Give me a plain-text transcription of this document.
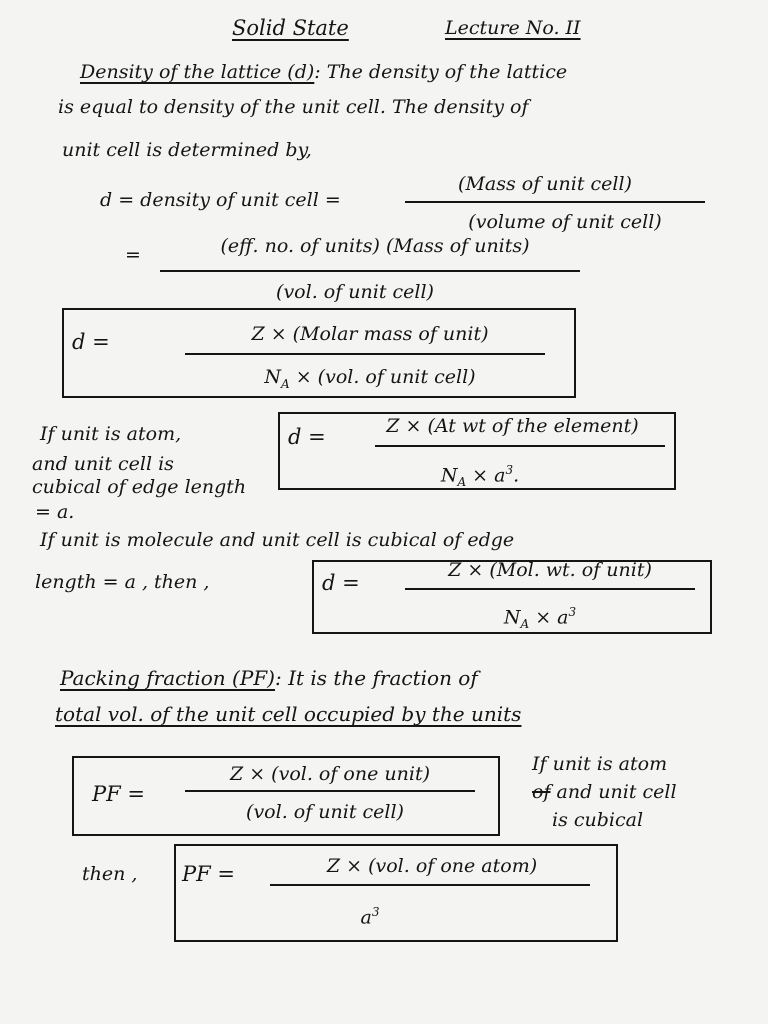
Solid State	Lecture No. II
Density of the lattice (d): The density of the lattice
is equal to density of the unit cell. The density of
unit cell is determined by,
d = density of unit cell =
(Mass of unit cell)
(volume of unit cell)
=	(eff. no. of units) (Mass of units)
(vol. of unit cell)
d =	Z × (Molar mass of unit)
$N_A \times (vol$. of unit cell)
If unit is atom,
and unit cell is
cubical of edge length
= a.
d =	Z × (At wt of the element)
$N_A \times a^3$.
If unit is molecule and unit cell is cubical of edge
length = a , then ,	d =
Z × (Mol. wt. of unit)
$N_A \times a^3$
Packing fraction (PF): It is the fraction of
total vol. of the unit cell occupied by the units
PF =
Z × (vol. of one unit)
(vol. of unit cell)
If unit is atom
of and unit cell
is cubical
then , PF =	Z × (vol. of one atom)
$a^3$
